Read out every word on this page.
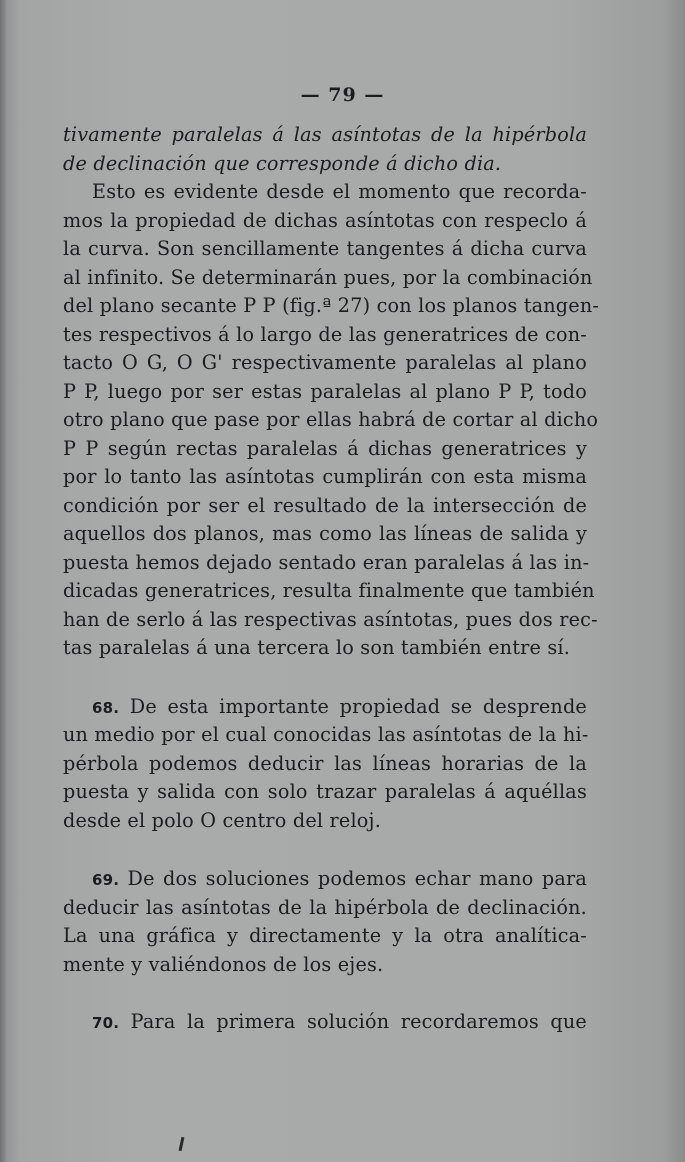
— 79 —
tivamente paralelas á las asíntotas de la hipérbola
de declinación que corresponde á dicho dia.
Esto es evidente desde el momento que recorda-
mos la propiedad de dichas asíntotas con respeclo á
la curva. Son sencillamente tangentes á dicha curva
al infinito. Se determinarán pues, por la combinación
del plano secante P P (fig.ª 27) con los planos tangen-
tes respectivos á lo largo de las generatrices de con-
tacto O G, O G' respectivamente paralelas al plano
P P, luego por ser estas paralelas al plano P P, todo
otro plano que pase por ellas habrá de cortar al dicho
P P según rectas paralelas á dichas generatrices y
por lo tanto las asíntotas cumplirán con esta misma
condición por ser el resultado de la intersección de
aquellos dos planos, mas como las líneas de salida y
puesta hemos dejado sentado eran paralelas á las in-
dicadas generatrices, resulta finalmente que también
han de serlo á las respectivas asíntotas, pues dos rec-
tas paralelas á una tercera lo son también entre sí.
68. De esta importante propiedad se desprende
un medio por el cual conocidas las asíntotas de la hi-
pérbola podemos deducir las líneas horarias de la
puesta y salida con solo trazar paralelas á aquéllas
desde el polo O centro del reloj.
69. De dos soluciones podemos echar mano para
deducir las asíntotas de la hipérbola de declinación.
La una gráfica y directamente y la otra analítica-
mente y valiéndonos de los ejes.
70. Para la primera solución recordaremos que
